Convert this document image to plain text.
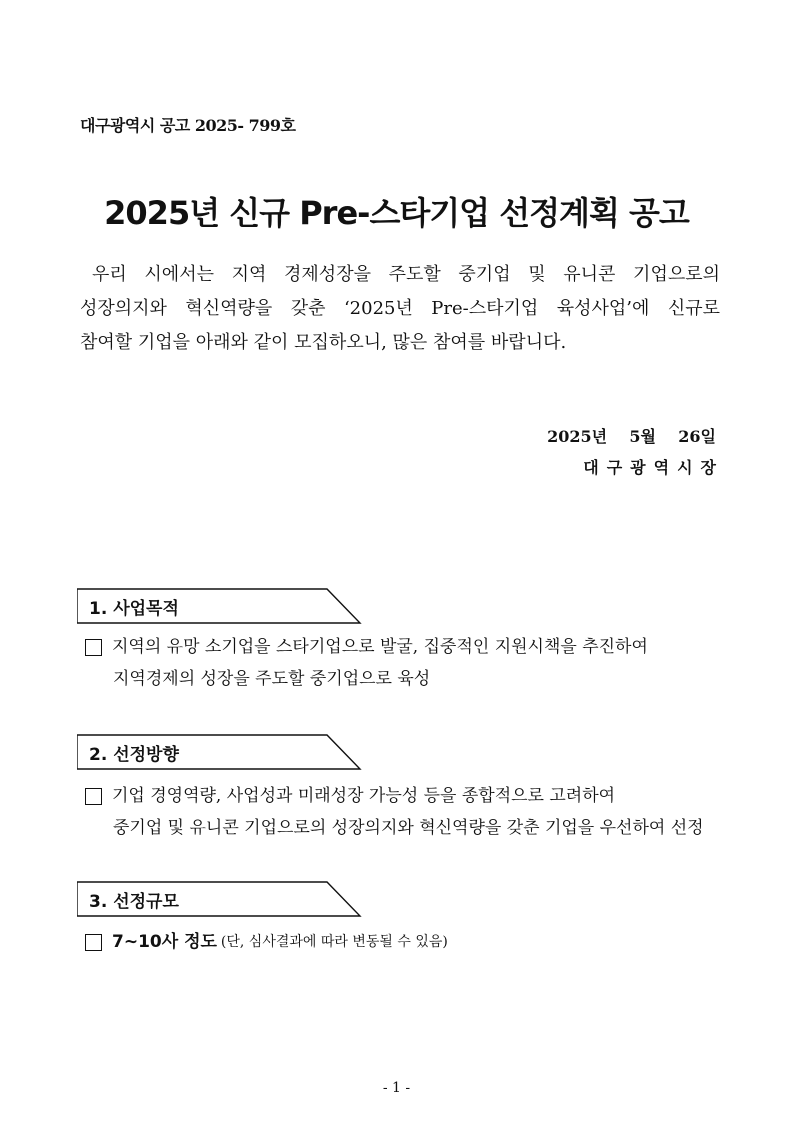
대구광역시 공고 2025- 799호
2025년 신규 Pre-스타기업 선정계획 공고

우리 시에서는 지역 경제성장을 주도할 중기업 및 유니콘 기업으로의

성장의지와 혁신역량을 갖춘 ‘2025년 Pre-스타기업 육성사업’에 신규로

참여할 기업을 아래와 같이 모집하오니, 많은 참여를 바랍니다.

2025년 5월 26일
대구광역시장
1. 사업목적
지역의 유망 소기업을 스타기업으로 발굴, 집중적인 지원시책을 추진하여
지역경제의 성장을 주도할 중기업으로 육성
2. 선정방향
기업 경영역량, 사업성과 미래성장 가능성 등을 종합적으로 고려하여
중기업 및 유니콘 기업으로의 성장의지와 혁신역량을 갖춘 기업을 우선하여 선정
3. 선정규모
7∼10사 정도 (단, 심사결과에 따라 변동될 수 있음)
- 1 -
